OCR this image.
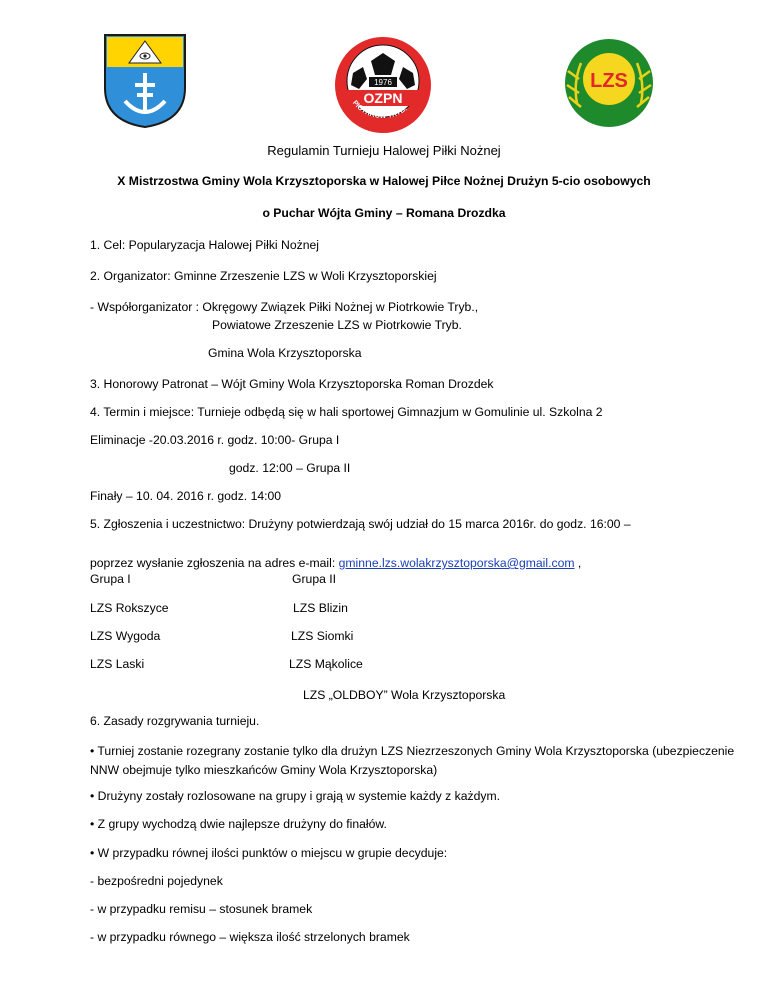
1976
OZPN
PIOTRKÓW TRYB.
LZS
Regulamin Turnieju Halowej Piłki Nożnej
X Mistrzostwa Gminy Wola Krzysztoporska w Halowej Piłce Nożnej Drużyn 5-cio osobowych
o Puchar Wójta Gminy – Romana Drozdka
1. Cel: Popularyzacja Halowej Piłki Nożnej
2. Organizator: Gminne Zrzeszenie LZS w Woli Krzysztoporskiej
- Współorganizator : Okręgowy Związek Piłki Nożnej w Piotrkowie Tryb.,
Powiatowe Zrzeszenie LZS w Piotrkowie Tryb.
Gmina Wola Krzysztoporska
3. Honorowy Patronat – Wójt Gminy Wola Krzysztoporska Roman Drozdek
4. Termin i miejsce: Turnieje odbędą się w hali sportowej Gimnazjum w Gomulinie ul. Szkolna 2
Eliminacje -20.03.2016 r. godz. 10:00- Grupa I
godz. 12:00 – Grupa II
Finały – 10. 04. 2016 r. godz. 14:00
5. Zgłoszenia i uczestnictwo: Drużyny potwierdzają swój udział do 15 marca 2016r. do godz. 16:00 –
poprzez wysłanie zgłoszenia na adres e-mail: gminne.lzs.wolakrzysztoporska@gmail.com ,
Grupa I	Grupa II
LZS Rokszyce	LZS Blizin
LZS Wygoda	LZS Siomki
LZS Laski	LZS Mąkolice
LZS „OLDBOY” Wola Krzysztoporska
6. Zasady rozgrywania turnieju.
• Turniej zostanie rozegrany zostanie tylko dla drużyn LZS Niezrzeszonych Gminy Wola Krzysztoporska (ubezpieczenie NNW obejmuje tylko mieszkańców Gminy Wola Krzysztoporska)
• Drużyny zostały rozlosowane na grupy i grają w systemie każdy z każdym.
• Z grupy wychodzą dwie najlepsze drużyny do finałów.
• W przypadku równej ilości punktów o miejscu w grupie decyduje:
- bezpośredni pojedynek
- w przypadku remisu – stosunek bramek
- w przypadku równego – większa ilość strzelonych bramek
